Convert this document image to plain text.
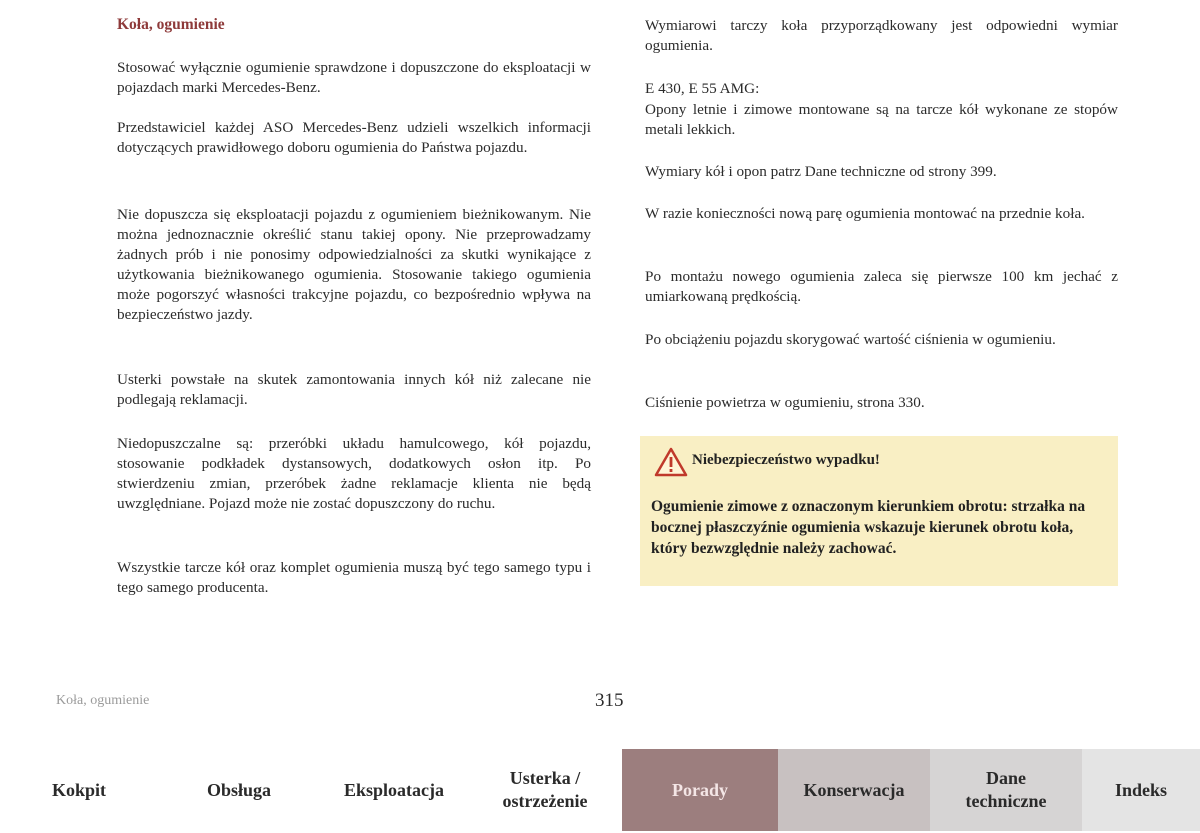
Koła, ogumienie

Stosować wyłącznie ogumienie sprawdzone i dopuszczone do eksploatacji w pojazdach marki Mercedes-Benz.

Przedstawiciel każdej ASO Mercedes-Benz udzieli wszelkich informacji dotyczących prawidłowego doboru ogumienia do Państwa pojazdu.

Nie dopuszcza się eksploatacji pojazdu z ogumieniem bieżnikowanym. Nie można jednoznacznie określić stanu takiej opony. Nie przeprowadzamy żadnych prób i nie ponosimy odpowiedzialności za skutki wynikające z użytkowania bieżnikowanego ogumienia. Stosowanie takiego ogumienia może pogorszyć własności trakcyjne pojazdu, co bezpośrednio wpływa na bezpieczeństwo jazdy.

Usterki powstałe na skutek zamontowania innych kół niż zalecane nie podlegają reklamacji.

Niedopuszczalne są: przeróbki układu hamulcowego, kół pojazdu, stosowanie podkładek dystansowych, dodatkowych osłon itp. Po stwierdzeniu zmian, przeróbek żadne reklamacje klienta nie będą uwzględniane. Pojazd może nie zostać dopuszczony do ruchu.

Wszystkie tarcze kół oraz komplet ogumienia muszą być tego samego typu i tego samego producenta.

Wymiarowi tarczy koła przyporządkowany jest odpowiedni wymiar ogumienia.

E 430, E 55 AMG:

Opony letnie i zimowe montowane są na tarcze kół wykonane ze stopów metali lekkich.

Wymiary kół i opon patrz Dane techniczne od strony 399.

W razie konieczności nową parę ogumienia montować na przednie koła.

Po montażu nowego ogumienia zaleca się pierwsze 100 km jechać z umiarkowaną prędkością.

Po obciążeniu pojazdu skorygować wartość ciśnienia w ogumieniu.

Ciśnienie powietrza w ogumieniu, strona 330.

Niebezpieczeństwo wypadku!
Ogumienie zimowe z oznaczonym kierunkiem obrotu: strzałka na bocznej płaszczyźnie ogumienia wskazuje kierunek obrotu koła, który bezwzględnie należy zachować.
Koła, ogumienie	315
Kokpit	Obsługa	Eksploatacja
Usterka / ostrzeżenie
Porady	Konserwacja
Dane techniczne
Indeks
